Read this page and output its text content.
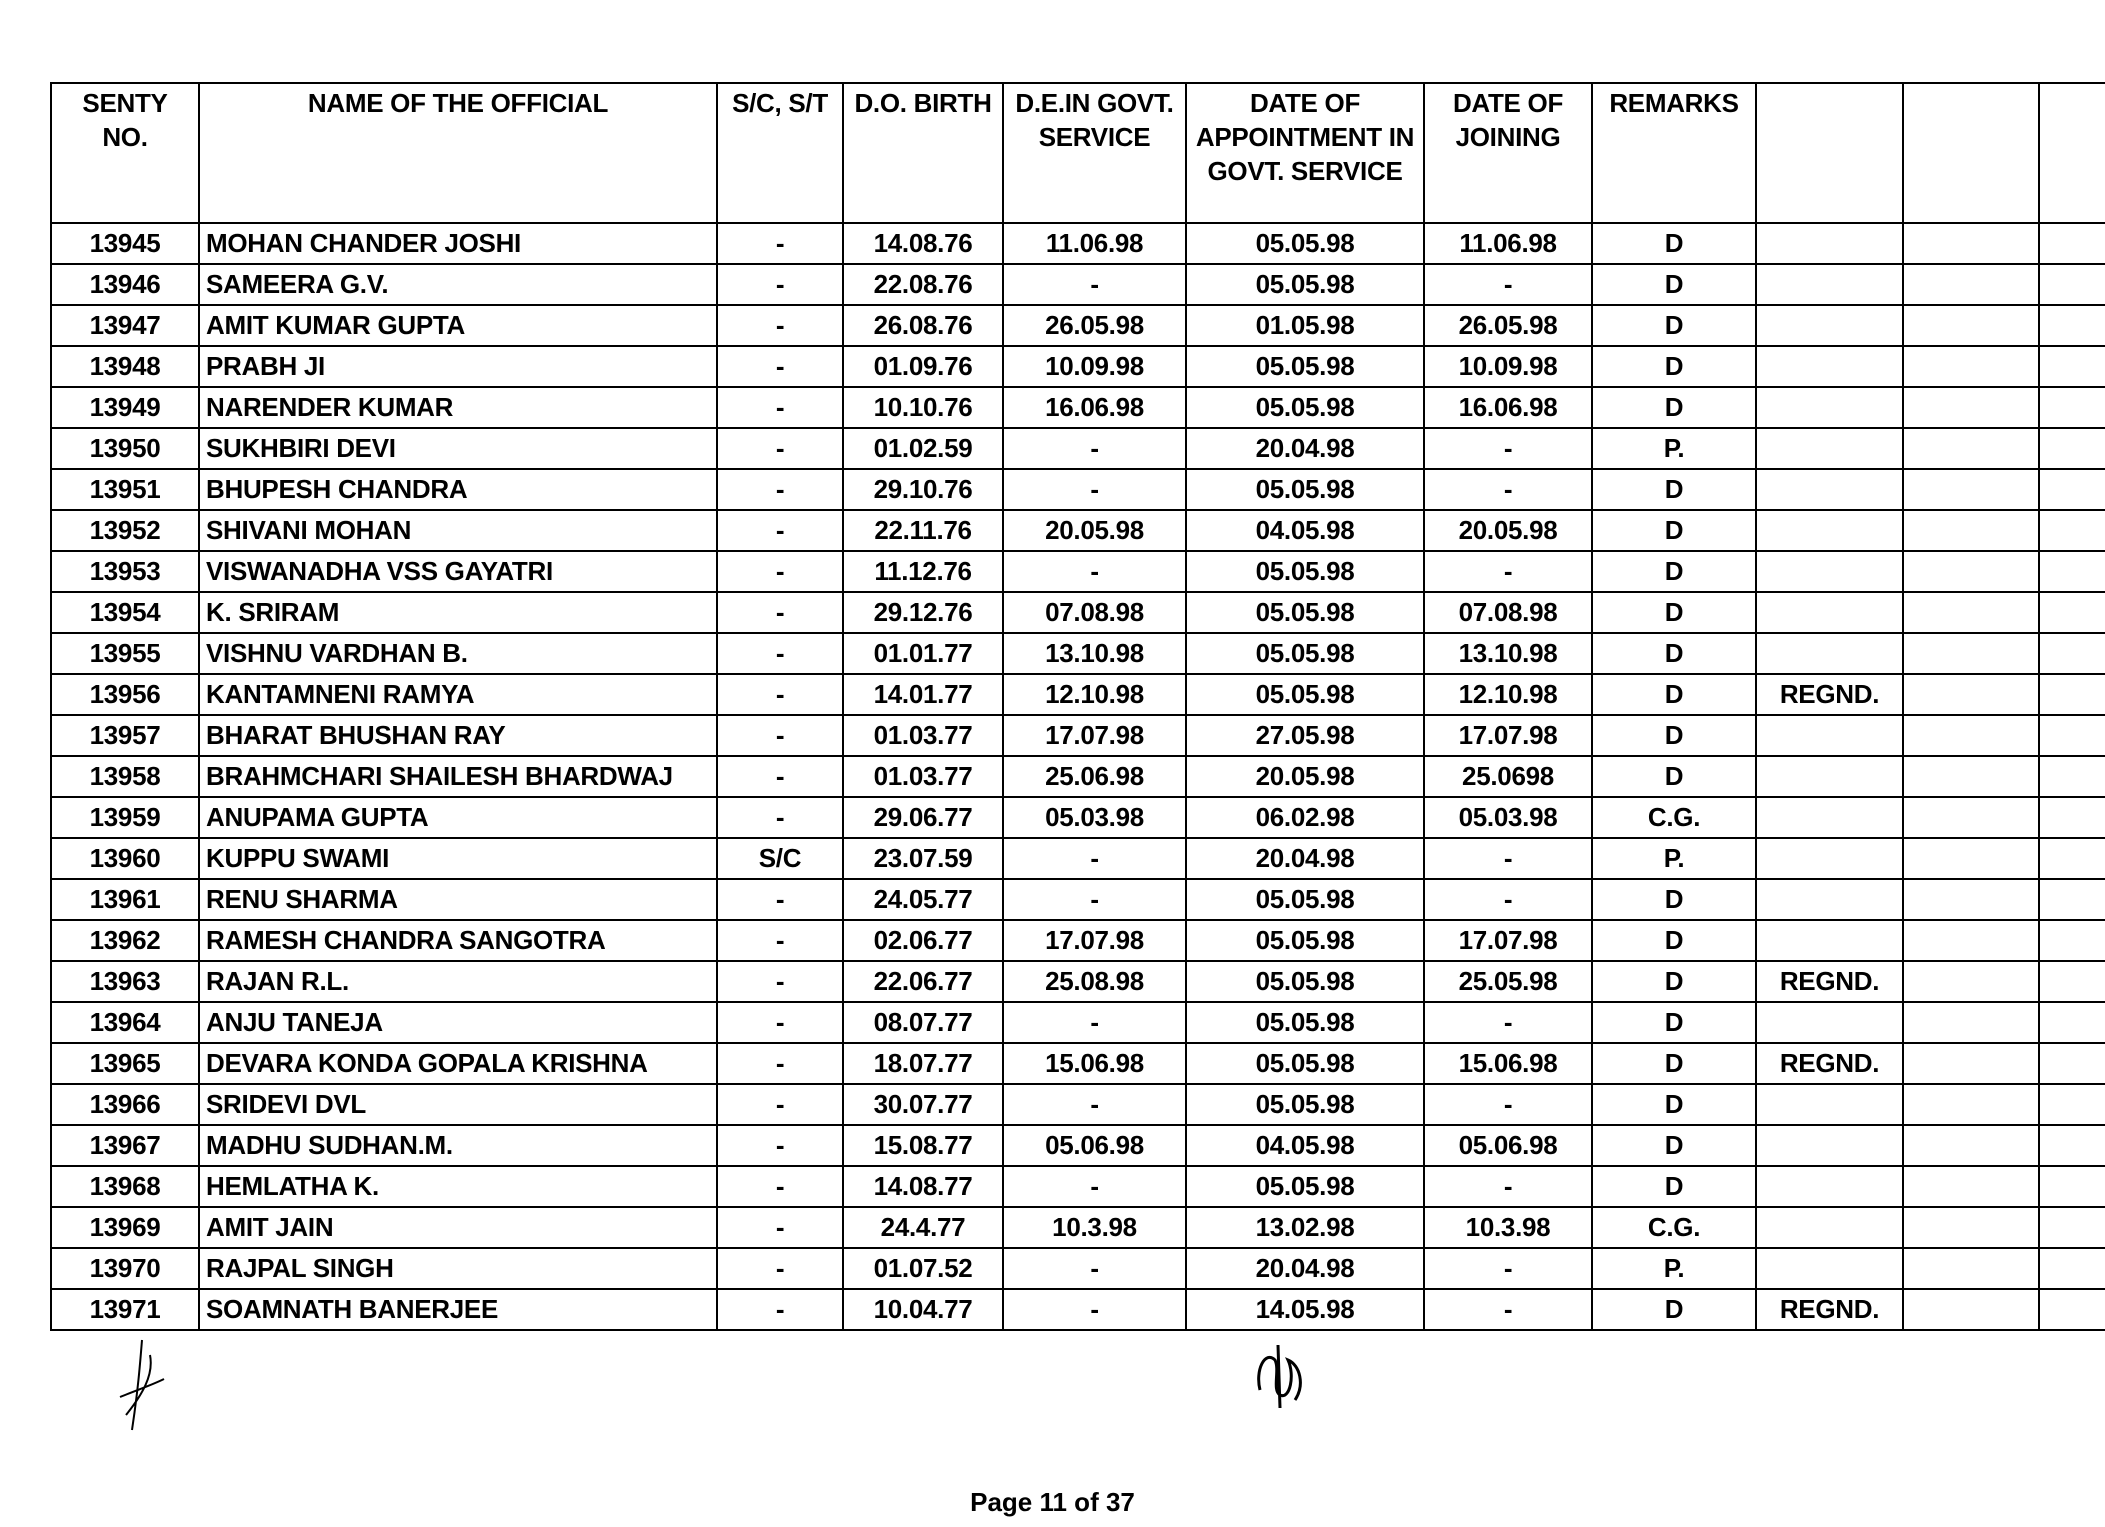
SENTY NO.	NAME OF THE OFFICIAL	S/C, S/T	D.O. BIRTH	D.E.IN GOVT. SERVICE	DATE OF APPOINTMENT IN GOVT. SERVICE	DATE OF JOINING	REMARKS			
13945	MOHAN CHANDER JOSHI	-	14.08.76	11.06.98	05.05.98	11.06.98	D			
13946	SAMEERA G.V.	-	22.08.76	-	05.05.98	-	D			
13947	AMIT KUMAR GUPTA	-	26.08.76	26.05.98	01.05.98	26.05.98	D			
13948	PRABH JI	-	01.09.76	10.09.98	05.05.98	10.09.98	D			
13949	NARENDER KUMAR	-	10.10.76	16.06.98	05.05.98	16.06.98	D			
13950	SUKHBIRI DEVI	-	01.02.59	-	20.04.98	-	P.			
13951	BHUPESH CHANDRA	-	29.10.76	-	05.05.98	-	D			
13952	SHIVANI MOHAN	-	22.11.76	20.05.98	04.05.98	20.05.98	D			
13953	VISWANADHA VSS GAYATRI	-	11.12.76	-	05.05.98	-	D			
13954	K. SRIRAM	-	29.12.76	07.08.98	05.05.98	07.08.98	D			
13955	VISHNU VARDHAN B.	-	01.01.77	13.10.98	05.05.98	13.10.98	D			
13956	KANTAMNENI RAMYA	-	14.01.77	12.10.98	05.05.98	12.10.98	D	REGND.		
13957	BHARAT BHUSHAN RAY	-	01.03.77	17.07.98	27.05.98	17.07.98	D			
13958	BRAHMCHARI SHAILESH BHARDWAJ	-	01.03.77	25.06.98	20.05.98	25.0698	D			
13959	ANUPAMA GUPTA	-	29.06.77	05.03.98	06.02.98	05.03.98	C.G.			
13960	KUPPU SWAMI	S/C	23.07.59	-	20.04.98	-	P.			
13961	RENU SHARMA	-	24.05.77	-	05.05.98	-	D			
13962	RAMESH CHANDRA SANGOTRA	-	02.06.77	17.07.98	05.05.98	17.07.98	D			
13963	RAJAN R.L.	-	22.06.77	25.08.98	05.05.98	25.05.98	D	REGND.		
13964	ANJU TANEJA	-	08.07.77	-	05.05.98	-	D			
13965	DEVARA KONDA GOPALA KRISHNA	-	18.07.77	15.06.98	05.05.98	15.06.98	D	REGND.		
13966	SRIDEVI DVL	-	30.07.77	-	05.05.98	-	D			
13967	MADHU SUDHAN.M.	-	15.08.77	05.06.98	04.05.98	05.06.98	D			
13968	HEMLATHA K.	-	14.08.77	-	05.05.98	-	D			
13969	AMIT JAIN	-	24.4.77	10.3.98	13.02.98	10.3.98	C.G.			
13970	RAJPAL SINGH	-	01.07.52	-	20.04.98	-	P.			
13971	SOAMNATH BANERJEE	-	10.04.77	-	14.05.98	-	D	REGND.		
Page 11 of 37
